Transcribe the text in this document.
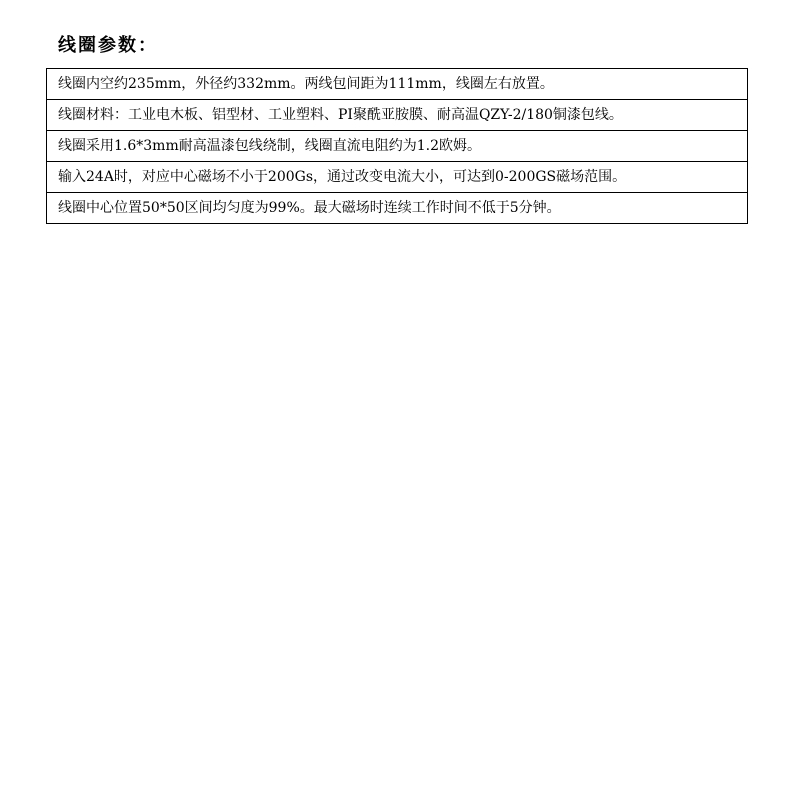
线圈参数：
线圈内空约235mm，外径约332mm。两线包间距为111mm，线圈左右放置。
线圈材料：工业电木板、铝型材、工业塑料、PI聚酰亚胺膜、耐高温QZY-2/180铜漆包线。
线圈采用1.6*3mm耐高温漆包线绕制，线圈直流电阻约为1.2欧姆。
输入24A时，对应中心磁场不小于200Gs，通过改变电流大小，可达到0-200GS磁场范围。
线圈中心位置50*50区间均匀度为99%。最大磁场时连续工作时间不低于5分钟。
